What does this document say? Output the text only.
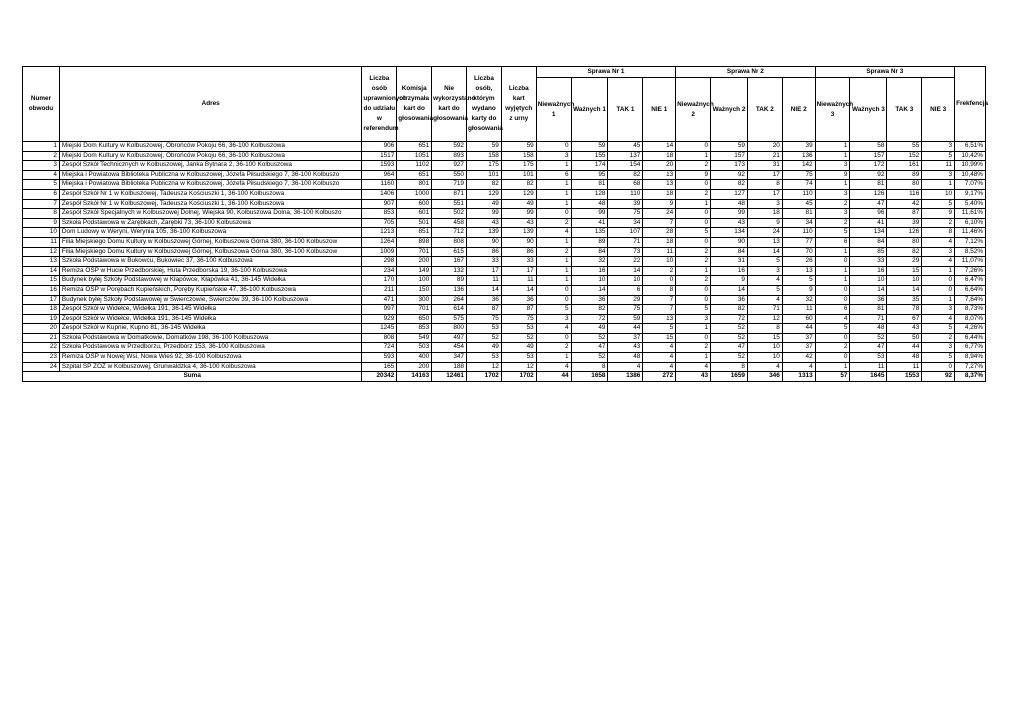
Numer obwodu	Adres	Liczba osób uprawnionych do udziału w referendum	Komisja otrzymała kart do głosowania	Nie wykorzystano kart do głosowania	Liczba osób, którym wydano karty do głosowania	Liczba kart wyjętych z urny	Sprawa Nr 1				Sprawa Nr 2				Sprawa Nr 3				Frekfencja
							Nieważnych 1	Ważnych 1	TAK 1	NIE 1	Nieważnych 2	Ważnych 2	TAK 2	NIE 2	Nieważnych 3	Ważnych 3	TAK 3	NIE 3	
1	Miejski Dom Kultury w Kolbuszowej, Obrońców Pokoju 66, 36-100 Kolbuszowa	906	651	592	59	59	0	59	45	14	0	59	20	39	1	58	55	3	6,51%
2	Miejski Dom Kultury w Kolbuszowej, Obrońców Pokoju 66, 36-100 Kolbuszowa	1517	1051	893	158	158	3	155	137	18	1	157	21	136	1	157	152	5	10,42%
3	Zespół Szkół Technicznych w Kolbuszowej, Janka Bytnara 2, 36-100 Kolbuszowa	1593	1102	927	175	175	1	174	154	20	2	173	31	142	3	172	161	11	10,99%
4	Miejska i Powiatowa Biblioteka Publiczna w Kolbuszowej, Józefa Piłsudskiego 7, 36-100 Kolbuszo	964	651	550	101	101	6	95	82	13	9	92	17	75	9	92	89	3	10,48%
5	Miejska i Powiatowa Biblioteka Publiczna w Kolbuszowej, Józefa Piłsudskiego 7, 36-100 Kolbuszo	1160	801	719	82	82	1	81	68	13	0	82	8	74	1	81	80	1	7,07%
6	Zespół Szkół Nr 1 w Kolbuszowej, Tadeusza Kościuszki 1, 36-100 Kolbuszowa	1406	1000	871	129	129	1	128	110	18	2	127	17	110	3	126	116	10	9,17%
7	Zespół Szkół Nr 1 w Kolbuszowej, Tadeusza Kościuszki 1, 36-100 Kolbuszowa	907	600	551	49	49	1	48	39	9	1	48	3	45	2	47	42	5	5,40%
8	Zespół Szkół Specjalnych w Kolbuszowej Dolnej, Wiejska 90, Kolbuszowa Dolna, 36-100 Kolbuszo	853	601	502	99	99	0	99	75	24	0	99	18	81	3	96	87	9	11,61%
9	Szkoła Podstawowa w Zarębkach, Zarębki 73, 36-100 Kolbuszowa	705	501	458	43	43	2	41	34	7	0	43	9	34	2	41	39	2	6,10%
10	Dom Ludowy w Weryni, Werynia 105, 36-100 Kolbuszowa	1213	851	712	139	139	4	135	107	28	5	134	24	110	5	134	126	8	11,46%
11	Filia Miejskiego Domu Kultury w Kolbuszowej Górnej, Kolbuszowa Górna 380, 36-100 Kolbuszow	1264	898	808	90	90	1	89	71	18	0	90	13	77	6	84	80	4	7,12%
12	Filia Miejskiego Domu Kultury w Kolbuszowej Górnej, Kolbuszowa Górna 380, 36-100 Kolbuszow	1009	701	615	86	86	2	84	73	11	2	84	14	70	1	85	82	3	8,52%
13	Szkoła Podstawowa w Bukowcu, Bukowiec 37, 36-100 Kolbuszowa	298	200	167	33	33	1	32	22	10	2	31	5	26	0	33	29	4	11,07%
14	Remiza OSP w Hucie Przedborskiej, Huta Przedborska 19, 36-100 Kolbuszowa	234	149	132	17	17	1	16	14	2	1	16	3	13	1	16	15	1	7,26%
15	Budynek byłej Szkoły Podstawowej w Kłapówce, Kłapówka 41, 36-145 Widełka	170	100	89	11	11	1	10	10	0	2	9	4	5	1	10	10	0	6,47%
16	Remiza OSP w Porębach Kupieńskich, Poręby Kupieńskie 47, 36-100 Kolbuszowa	211	150	136	14	14	0	14	6	8	0	14	5	9	0	14	14	0	6,64%
17	Budynek byłej Szkoły Podstawowej w Świerczowie, Świerczów 39, 36-100 Kolbuszowa	471	300	264	36	36	0	36	29	7	0	36	4	32	0	36	35	1	7,64%
18	Zespół Szkół w Widełce, Widełka 191, 36-145 Widełka	997	701	614	87	87	5	82	75	7	5	82	71	11	6	81	78	3	8,73%
19	Zespół Szkół w Widełce, Widełka 191, 36-145 Widełka	929	650	575	75	75	3	72	59	13	3	72	12	60	4	71	67	4	8,07%
20	Zespół Szkół w Kupnie, Kupno 81, 36-145 Widełka	1245	853	800	53	53	4	49	44	5	1	52	8	44	5	48	43	5	4,26%
21	Szkoła Podstawowa w Domatkowie, Domatków 198, 36-100 Kolbuszowa	808	549	497	52	52	0	52	37	15	0	52	15	37	0	52	50	2	6,44%
22	Szkoła Podstawowa w Przedborzu, Przedbórz 153, 36-100 Kolbuszowa	724	503	454	49	49	2	47	43	4	2	47	10	37	2	47	44	3	6,77%
23	Remiza OSP w Nowej Wsi, Nowa Wieś 92, 36-100 Kolbuszowa	593	400	347	53	53	1	52	48	4	1	52	10	42	0	53	48	5	8,94%
24	Szpital SP ZOZ w Kolbuszowej, Grunwaldzka 4, 36-100 Kolbuszowa	165	200	188	12	12	4	8	4	4	4	8	4	4	1	11	11	0	7,27%
Suma		20342	14163	12461	1702	1702	44	1658	1386	272	43	1659	346	1313	57	1645	1553	92	8,37%
